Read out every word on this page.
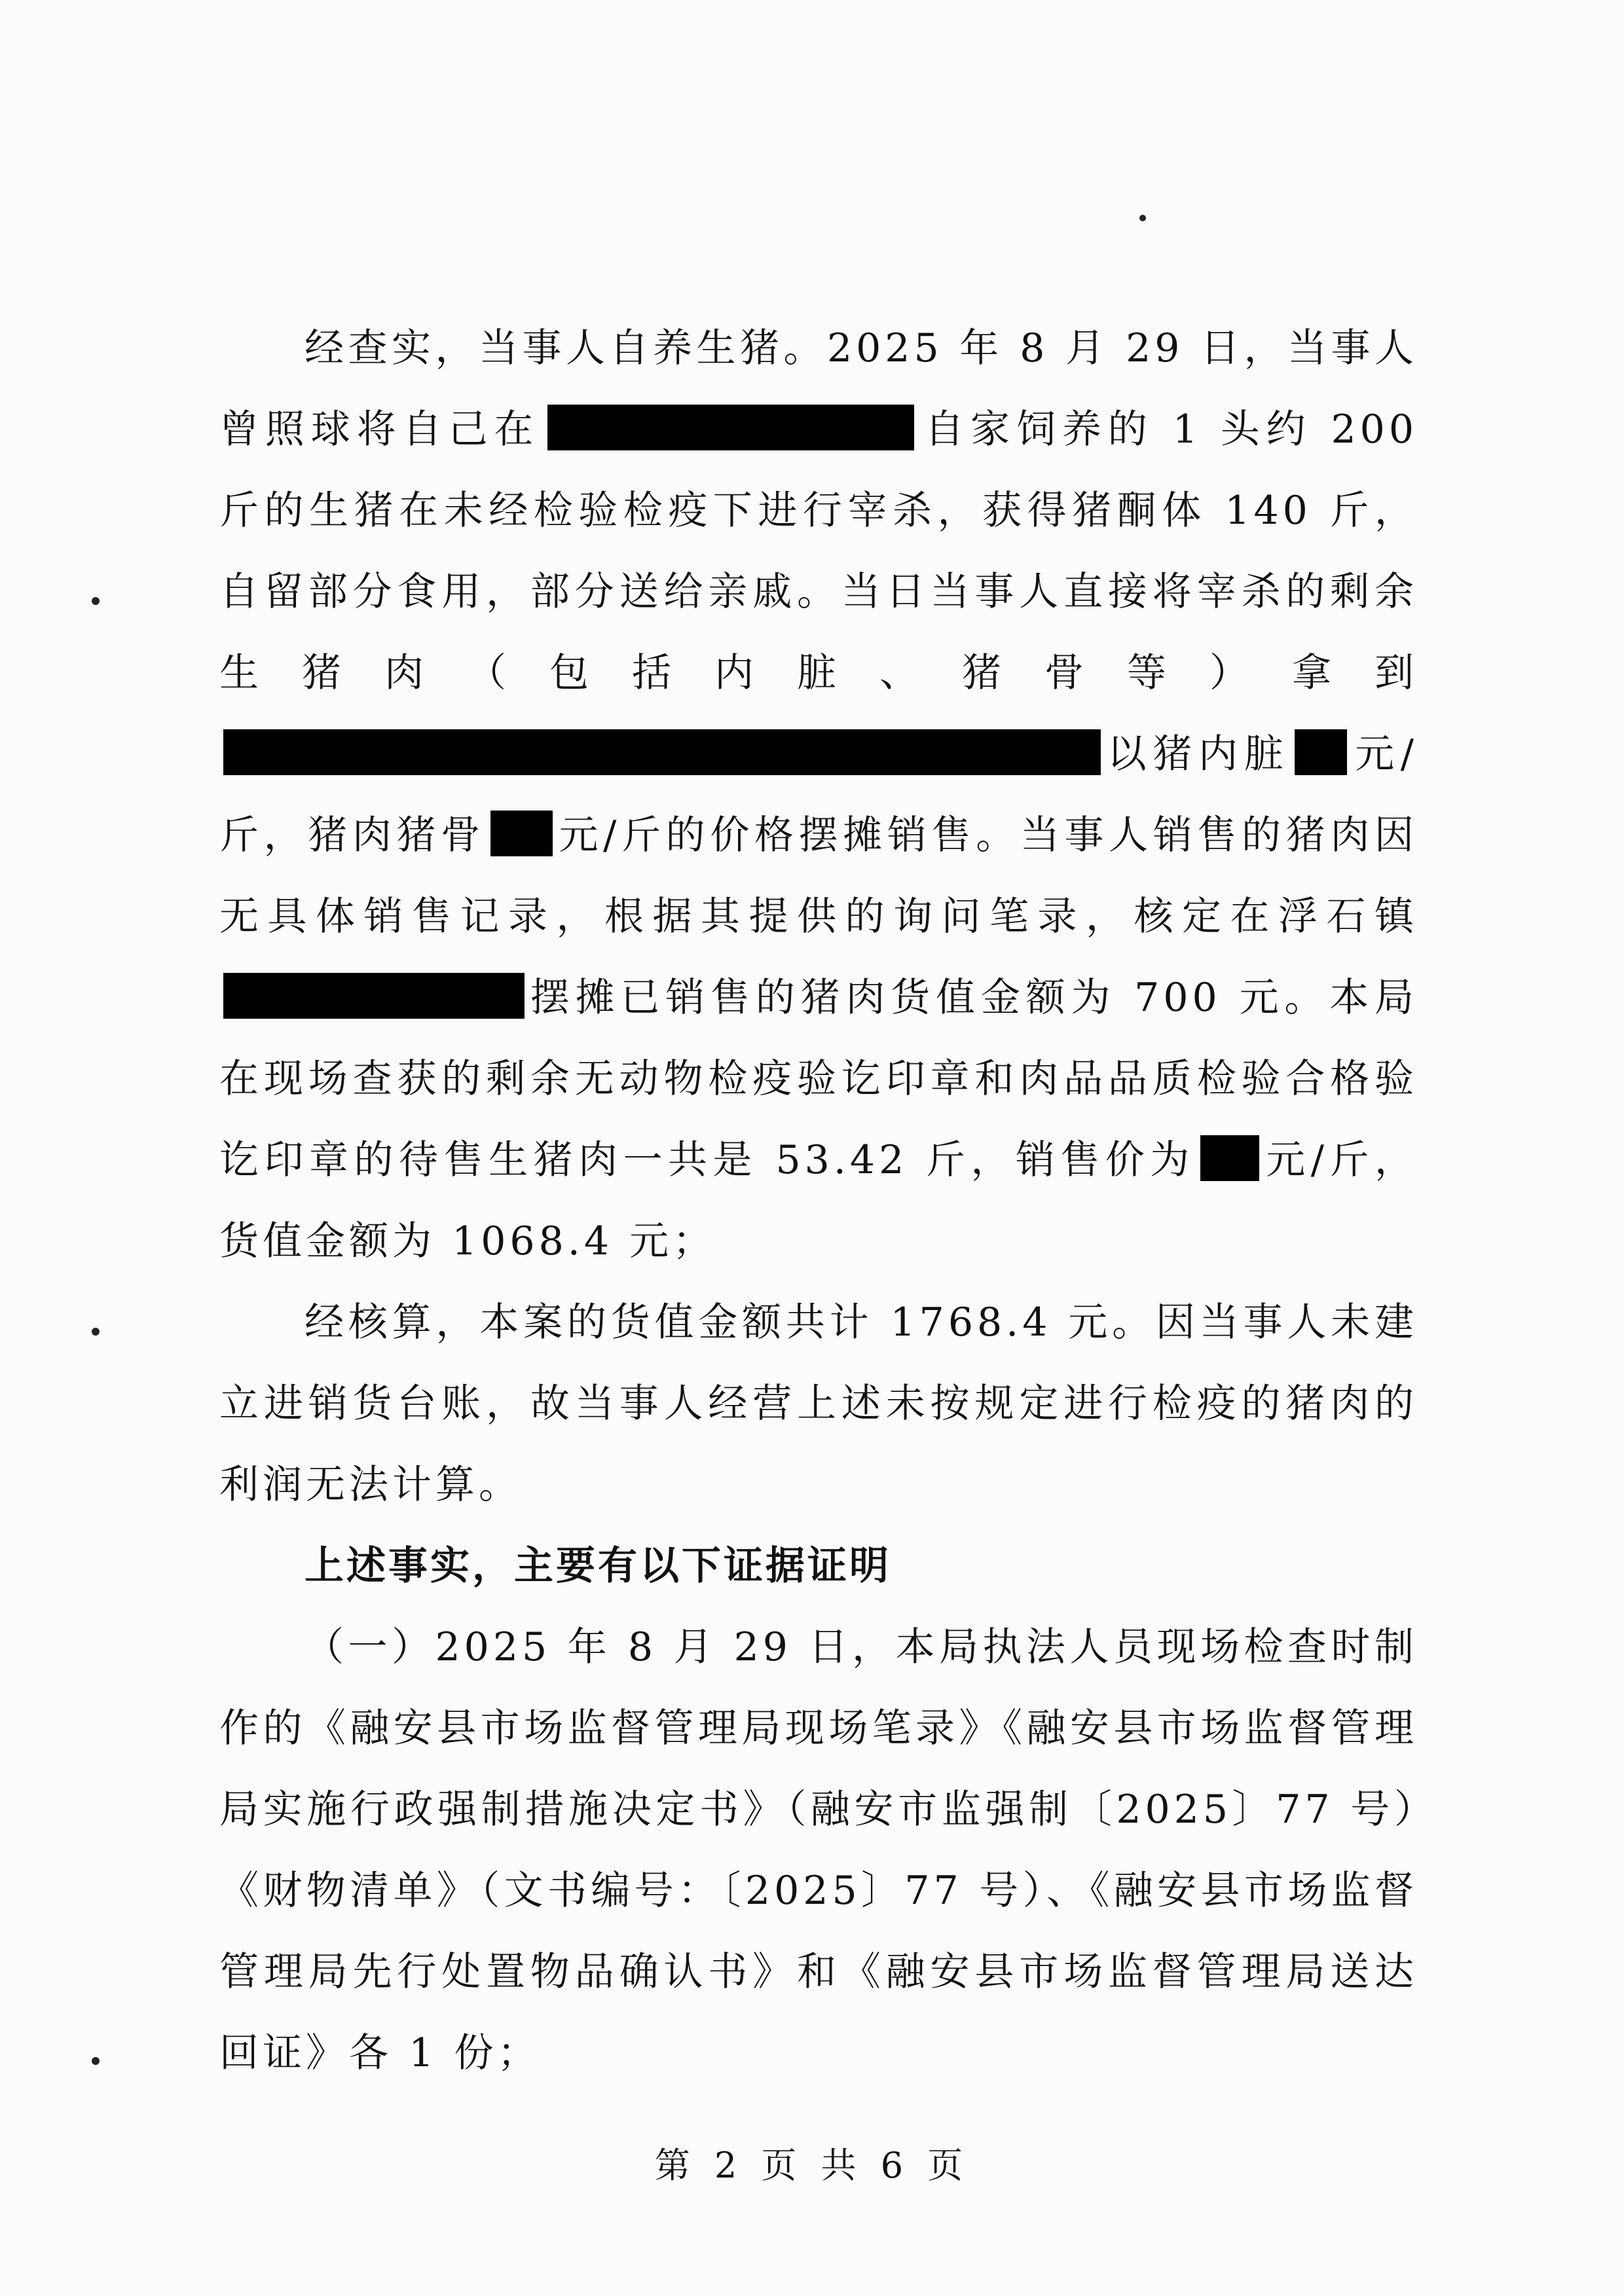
经查实，当事人自养生猪。2025 年 8 月 29 日，当事人曾照球将自己在	自家饲养的 1 头约 200 斤的生猪在未经检验检疫下进行宰杀，获得猪酮体 140 斤，自留部分食用，部分送给亲戚。当日当事人直接将宰杀的剩余生猪肉（包括内脏、猪骨等）拿到以猪内脏 元/斤，猪肉猪骨 元/斤的价格摆摊销售。当事人销售的猪肉因无具体销售记录，根据其提供的询问笔录，核定在浮石镇摆摊已销售的猪肉货值金额为 700 元。本局在现场查获的剩余无动物检疫验讫印章和肉品品质检验合格验讫印章的待售生猪肉一共是 53.42 斤，销售价为 元/斤，货值金额为 1068.4 元；

经核算，本案的货值金额共计 1768.4 元。因当事人未建立进销货台账，故当事人经营上述未按规定进行检疫的猪肉的利润无法计算。

上述事实，主要有以下证据证明

（一）2025 年 8 月 29 日，本局执法人员现场检查时制作的《融安县市场监督管理局现场笔录》《融安县市场监督管理局实施行政强制措施决定书》（融安市监强制〔2025〕77 号）《财物清单》（文书编号：〔2025〕77 号）、《融安县市场监督管理局先行处置物品确认书》和《融安县市场监督管理局送达回证》各 1 份；

第 2 页 共 6 页
